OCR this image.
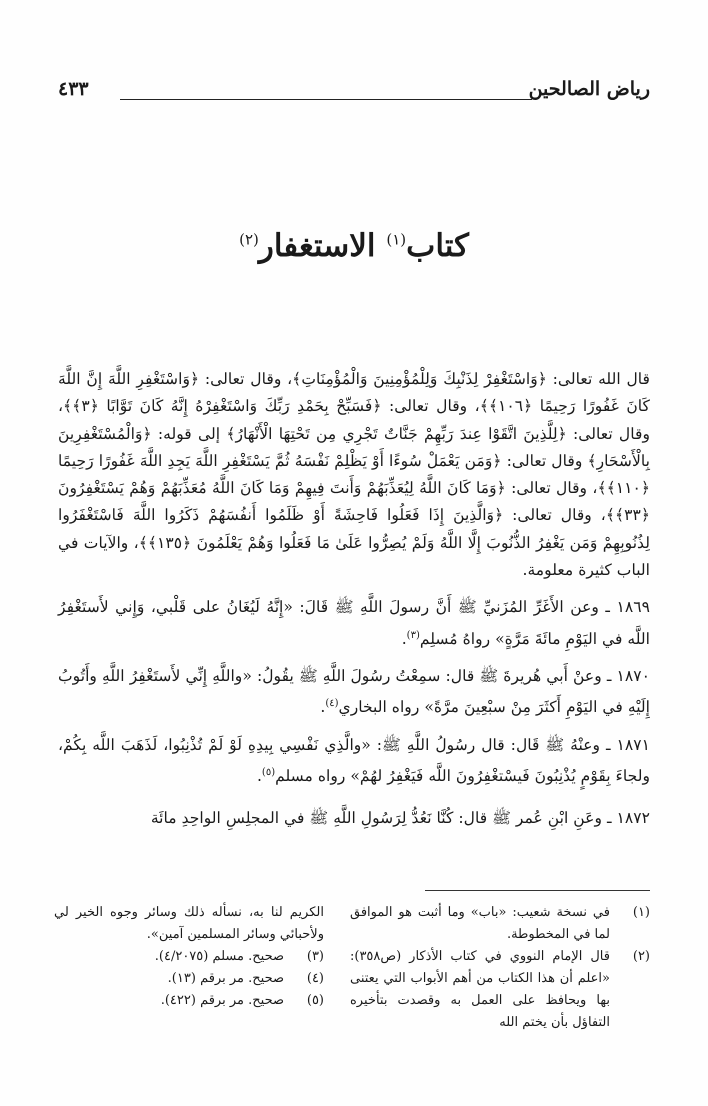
رياض الصالحين
٤٣٣
كتاب$^{(١)}$ الاستغفار$^{(٢)}$

قال الله تعالى: ﴿وَاسْتَغْفِرْ لِذَنْبِكَ وَلِلْمُؤْمِنِينَ وَالْمُؤْمِنَاتِ﴾، وقال تعالى: ﴿وَاسْتَغْفِرِ اللَّهَ إِنَّ اللَّهَ كَانَ غَفُورًا رَحِيمًا ﴿١٠٦﴾﴾، وقال تعالى: ﴿فَسَبِّحْ بِحَمْدِ رَبِّكَ وَاسْتَغْفِرْهُ إِنَّهُ كَانَ تَوَّابًا ﴿٣﴾﴾، وقال تعالى: ﴿لِلَّذِينَ اتَّقَوْا عِندَ رَبِّهِمْ جَنَّاتٌ تَجْرِي مِن تَحْتِهَا الْأَنْهَارُ﴾ إلى قوله: ﴿وَالْمُسْتَغْفِرِينَ بِالْأَسْحَارِ﴾ وقال تعالى: ﴿وَمَن يَعْمَلْ سُوءًا أَوْ يَظْلِمْ نَفْسَهُ ثُمَّ يَسْتَغْفِرِ اللَّهَ يَجِدِ اللَّهَ غَفُورًا رَحِيمًا ﴿١١٠﴾﴾، وقال تعالى: ﴿وَمَا كَانَ اللَّهُ لِيُعَذِّبَهُمْ وَأَنتَ فِيهِمْ وَمَا كَانَ اللَّهُ مُعَذِّبَهُمْ وَهُمْ يَسْتَغْفِرُونَ ﴿٣٣﴾﴾، وقال تعالى: ﴿وَالَّذِينَ إِذَا فَعَلُوا فَاحِشَةً أَوْ ظَلَمُوا أَنفُسَهُمْ ذَكَرُوا اللَّهَ فَاسْتَغْفَرُوا لِذُنُوبِهِمْ وَمَن يَغْفِرُ الذُّنُوبَ إِلَّا اللَّهُ وَلَمْ يُصِرُّوا عَلَىٰ مَا فَعَلُوا وَهُمْ يَعْلَمُونَ ﴿١٣٥﴾﴾، والآيات في الباب كثيرة معلومة.

١٨٦٩ ـ وعن الأَغَرِّ المُزَنيِّ ﷺ أَنَّ رسولَ اللَّهِ ﷺ قَالَ: «إِنَّهُ لَيُغَانُ على قَلْبي، وَإِني لأَستَغْفِرُ اللَّه في اليَوْمِ مائَةَ مَرَّةٍ» رواهُ مُسلِم$^{(٣)}$.

١٨٧٠ ـ وعنْ أَبي هُريرةَ ﷺ قال: سمِعْتُ رسُولَ اللَّهِ ﷺ يقُولُ: «واللَّهِ إِنِّي لأَستَغْفِرُ اللَّهِ وأَتُوبُ إِلَيْهِ في اليَوْمِ أَكثَرَ مِنْ سبْعِينَ مرَّةً» رواه البخاري$^{(٤)}$.

١٨٧١ ـ وعنْهُ ﷺ قَال: قال رسُولُ اللَّهِ ﷺ: «والَّذِي نَفْسِي بِيدِهِ لَوْ لَمْ تُذْنِبُوا، لَذَهَبَ اللَّه بِكُمْ، ولجاءَ بِقَوْمٍ يُذْنِبُونَ فَيسْتغْفِرُونَ اللَّه فَيَغْفِرُ لهُمْ» رواه مسلم$^{(٥)}$.

١٨٧٢ ـ وعَنِ ابْنِ عُمر ﷺ قال: كُنَّا نَعُدُّ لِرَسُولِ اللَّهِ ﷺ في المجلِسِ الواحِدِ مائَة

(١)
في نسخة شعيب: «باب» وما أثبت هو الموافق لما في المخطوطة.
(٢)
قال الإمام النووي في كتاب الأذكار (ص٣٥٨): «اعلم أن هذا الكتاب من أهم الأبواب التي يعتنى بها ويحافظ على العمل به وقصدت بتأخيره التفاؤل بأن يختم الله

الكريم لنا به، نسأله ذلك وسائر وجوه الخير لي ولأحبائي وسائر المسلمين آمين».

(٣)
صحيح. مسلم (٤/٢٠٧٥).
(٤)
صحيح. مر برقم (١٣).
(٥)
صحيح. مر برقم (٤٢٢).
